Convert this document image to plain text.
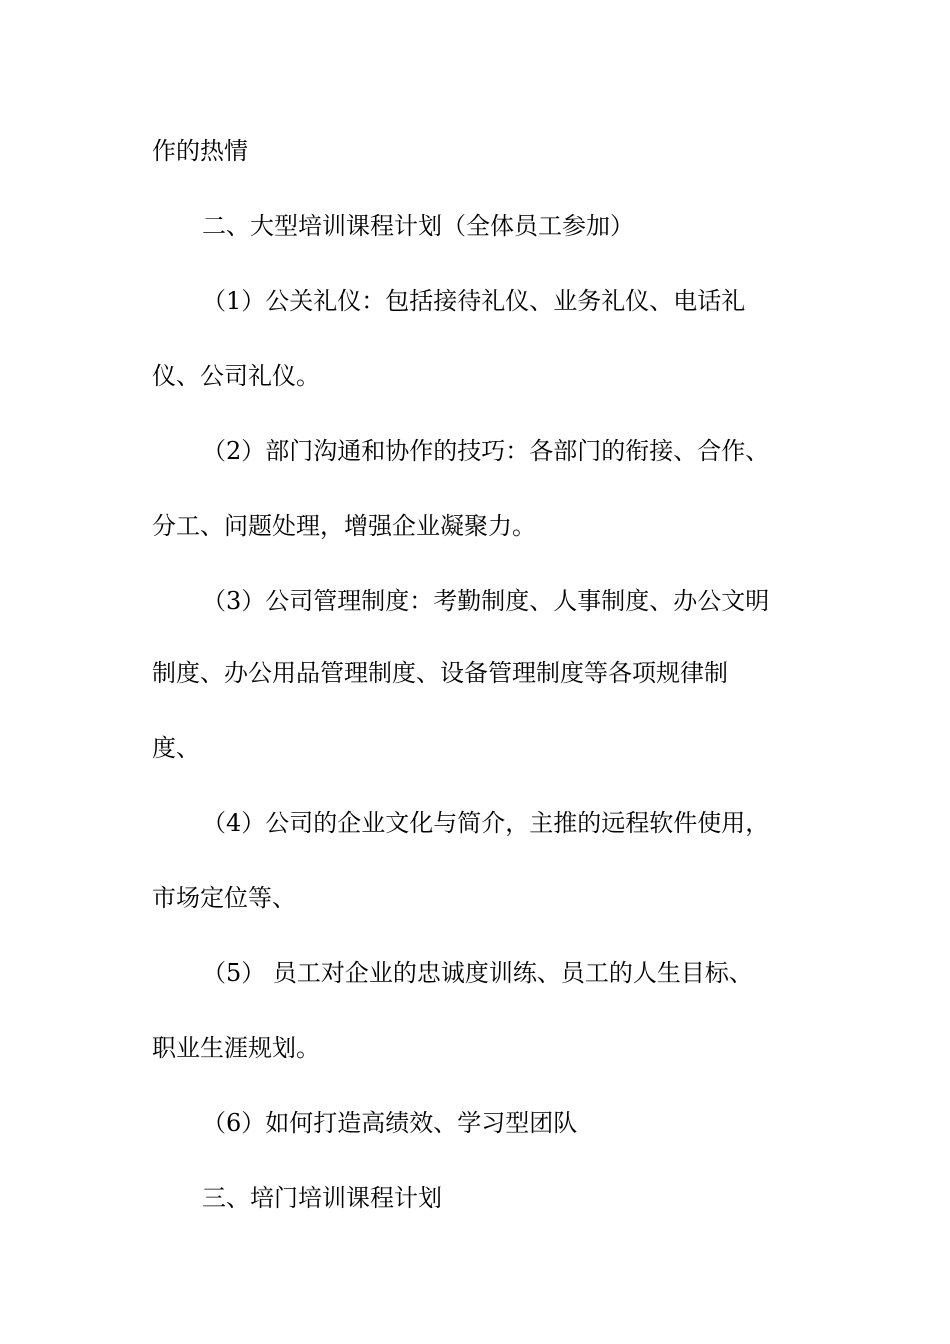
作的热情
二、大型培训课程计划（全体员工参加）
（1）公关礼仪：包括接待礼仪、业务礼仪、电话礼
仪、公司礼仪。
（2）部门沟通和协作的技巧：各部门的衔接、合作、
分工、问题处理，增强企业凝聚力。
（3）公司管理制度：考勤制度、人事制度、办公文明
制度、办公用品管理制度、设备管理制度等各项规律制
度、
（4）公司的企业文化与简介，主推的远程软件使用，
市场定位等、
（5） 员工对企业的忠诚度训练、员工的人生目标、
职业生涯规划。
（6）如何打造高绩效、学习型团队
三、培门培训课程计划
